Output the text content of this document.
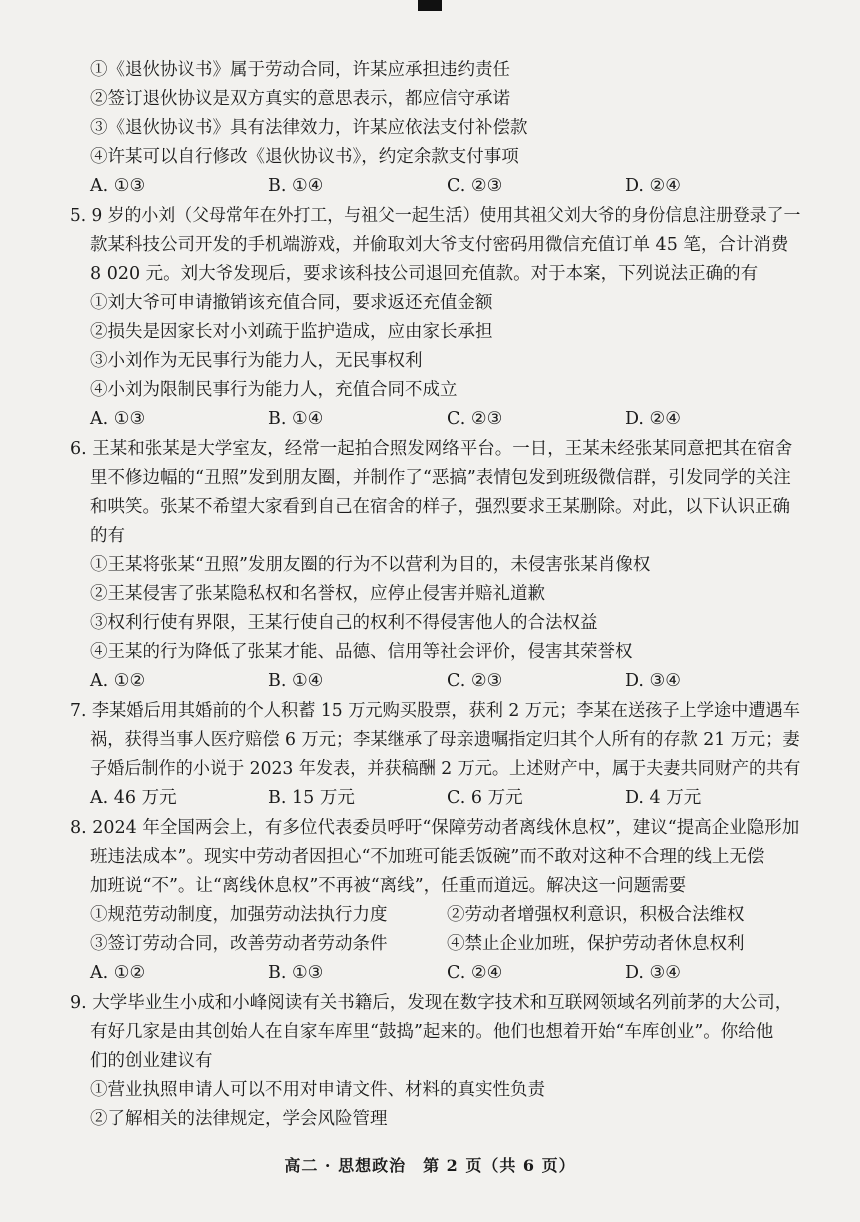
①《退伙协议书》属于劳动合同，许某应承担违约责任
②签订退伙协议是双方真实的意思表示，都应信守承诺
③《退伙协议书》具有法律效力，许某应依法支付补偿款
④许某可以自行修改《退伙协议书》，约定余款支付事项
A. ①③	B. ①④	C. ②③	D. ②④
5. 9 岁的小刘（父母常年在外打工，与祖父一起生活）使用其祖父刘大爷的身份信息注册登录了一
款某科技公司开发的手机端游戏，并偷取刘大爷支付密码用微信充值订单 45 笔，合计消费
8 020 元。刘大爷发现后，要求该科技公司退回充值款。对于本案，下列说法正确的有
①刘大爷可申请撤销该充值合同，要求返还充值金额
②损失是因家长对小刘疏于监护造成，应由家长承担
③小刘作为无民事行为能力人，无民事权利
④小刘为限制民事行为能力人，充值合同不成立
A. ①③	B. ①④	C. ②③	D. ②④
6. 王某和张某是大学室友，经常一起拍合照发网络平台。一日，王某未经张某同意把其在宿舍
里不修边幅的“丑照”发到朋友圈，并制作了“恶搞”表情包发到班级微信群，引发同学的关注
和哄笑。张某不希望大家看到自己在宿舍的样子，强烈要求王某删除。对此，以下认识正确
的有
①王某将张某“丑照”发朋友圈的行为不以营利为目的，未侵害张某肖像权
②王某侵害了张某隐私权和名誉权，应停止侵害并赔礼道歉
③权利行使有界限，王某行使自己的权利不得侵害他人的合法权益
④王某的行为降低了张某才能、品德、信用等社会评价，侵害其荣誉权
A. ①②	B. ①④	C. ②③	D. ③④
7. 李某婚后用其婚前的个人积蓄 15 万元购买股票，获利 2 万元；李某在送孩子上学途中遭遇车
祸，获得当事人医疗赔偿 6 万元；李某继承了母亲遗嘱指定归其个人所有的存款 21 万元；妻
子婚后制作的小说于 2023 年发表，并获稿酬 2 万元。上述财产中，属于夫妻共同财产的共有
A. 46 万元	B. 15 万元	C. 6 万元	D. 4 万元
8. 2024 年全国两会上，有多位代表委员呼吁“保障劳动者离线休息权”，建议“提高企业隐形加
班违法成本”。现实中劳动者因担心“不加班可能丢饭碗”而不敢对这种不合理的线上无偿
加班说“不”。让“离线休息权”不再被“离线”，任重而道远。解决这一问题需要
①规范劳动制度，加强劳动法执行力度	②劳动者增强权利意识，积极合法维权
③签订劳动合同，改善劳动者劳动条件	④禁止企业加班，保护劳动者休息权利
A. ①②	B. ①③	C. ②④	D. ③④
9. 大学毕业生小成和小峰阅读有关书籍后，发现在数字技术和互联网领域名列前茅的大公司，
有好几家是由其创始人在自家车库里“鼓捣”起来的。他们也想着开始“车库创业”。你给他
们的创业建议有
①营业执照申请人可以不用对申请文件、材料的真实性负责
②了解相关的法律规定，学会风险管理
高二 · 思想政治　第 2 页（共 6 页）
